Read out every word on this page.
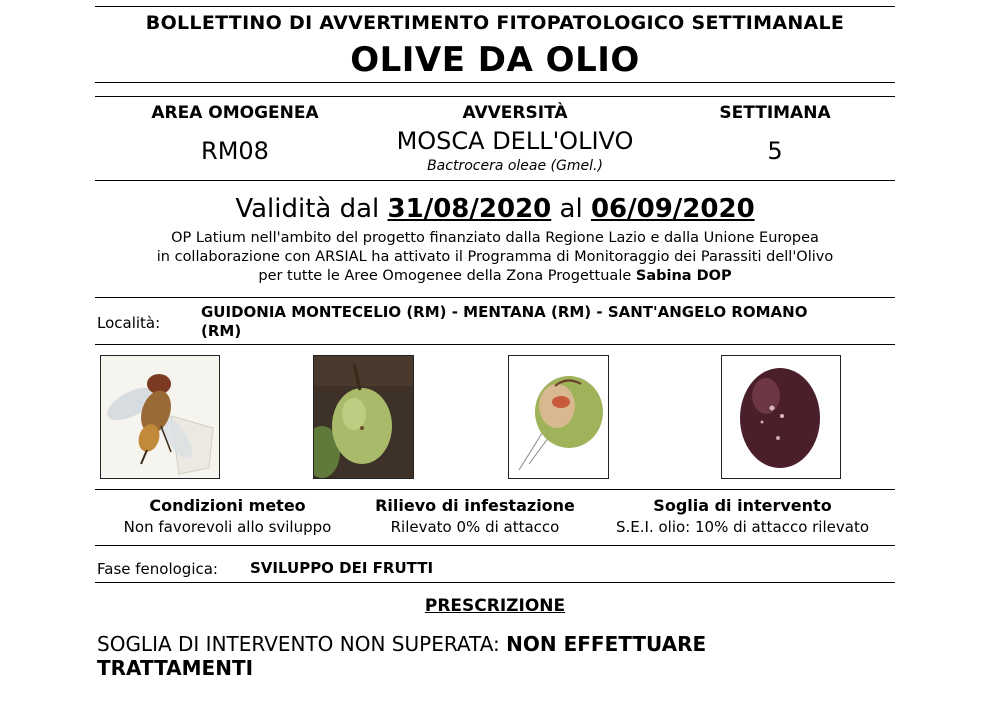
BOLLETTINO DI AVVERTIMENTO FITOPATOLOGICO SETTIMANALE
OLIVE DA OLIO
AREA OMOGENEA
RM08
AVVERSITÀ
MOSCA DELL'OLIVO
Bactrocera oleae (Gmel.)
SETTIMANA
5
Validità dal 31/08/2020 al 06/09/2020
OP Latium nell'ambito del progetto finanziato dalla Regione Lazio e dalla Unione Europea
in collaborazione con ARSIAL ha attivato il Programma di Monitoraggio dei Parassiti dell'Olivo
per tutte le Aree Omogenee della Zona Progettuale Sabina DOP
Località:
GUIDONIA MONTECELIO (RM) - MENTANA (RM) - SANT'ANGELO ROMANO
(RM)
Condizioni meteo
Non favorevoli allo sviluppo
Rilievo di infestazione
Rilevato 0% di attacco
Soglia di intervento
S.E.I. olio: 10% di attacco rilevato
Fase fenologica: SVILUPPO DEI FRUTTI
PRESCRIZIONE
SOGLIA DI INTERVENTO NON SUPERATA: NON EFFETTUARE
TRATTAMENTI
